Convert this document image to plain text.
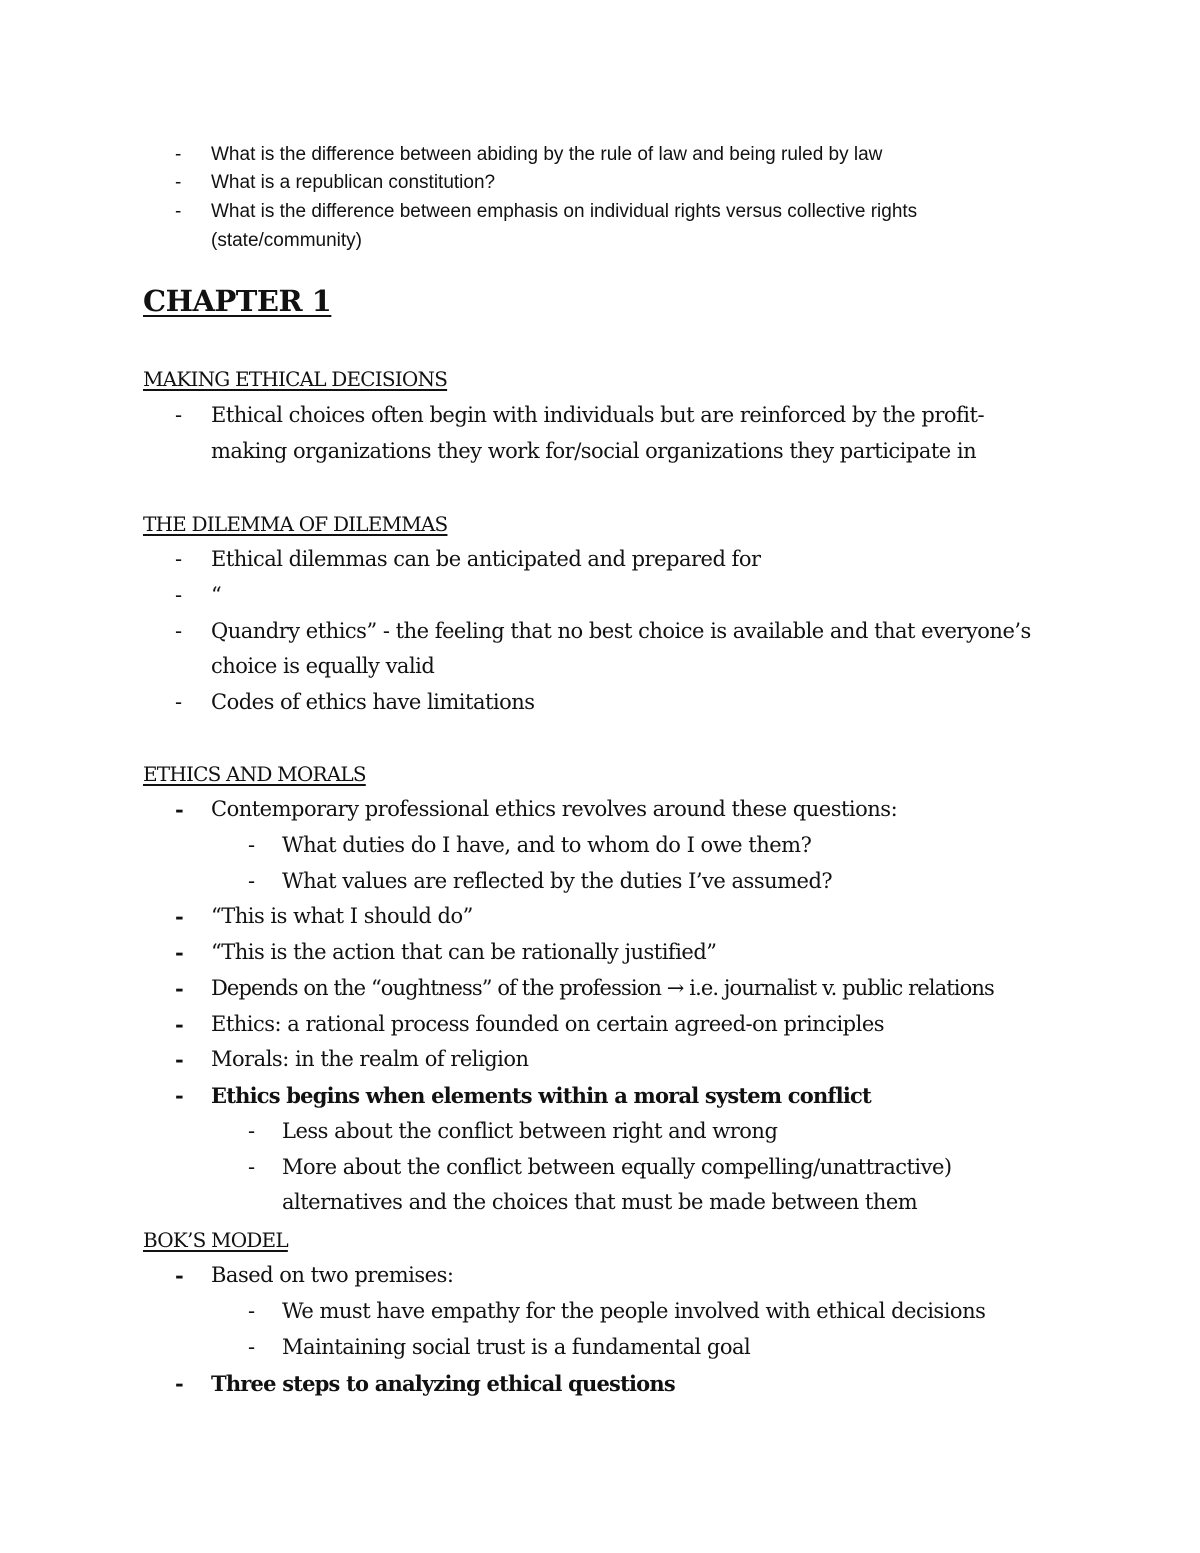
- What is the difference between abiding by the rule of law and being ruled by law
- What is a republican constitution?
- What is the difference between emphasis on individual rights versus collective rights
(state/community)
CHAPTER 1
MAKING ETHICAL DECISIONS
- Ethical choices often begin with individuals but are reinforced by the profit-
making organizations they work for/social organizations they participate in
THE DILEMMA OF DILEMMAS
- Ethical dilemmas can be anticipated and prepared for
- “
- Quandry ethics” - the feeling that no best choice is available and that everyone’s
choice is equally valid
- Codes of ethics have limitations
ETHICS AND MORALS
- Contemporary professional ethics revolves around these questions:
- What duties do I have, and to whom do I owe them?
- What values are reflected by the duties I’ve assumed?
- “This is what I should do”
- “This is the action that can be rationally justified”
- Depends on the “oughtness” of the profession → i.e. journalist v. public relations
- Ethics: a rational process founded on certain agreed-on principles
- Morals: in the realm of religion
- Ethics begins when elements within a moral system conflict
- Less about the conflict between right and wrong
- More about the conflict between equally compelling/unattractive)
alternatives and the choices that must be made between them
BOK’S MODEL
- Based on two premises:
- We must have empathy for the people involved with ethical decisions
- Maintaining social trust is a fundamental goal
- Three steps to analyzing ethical questions
